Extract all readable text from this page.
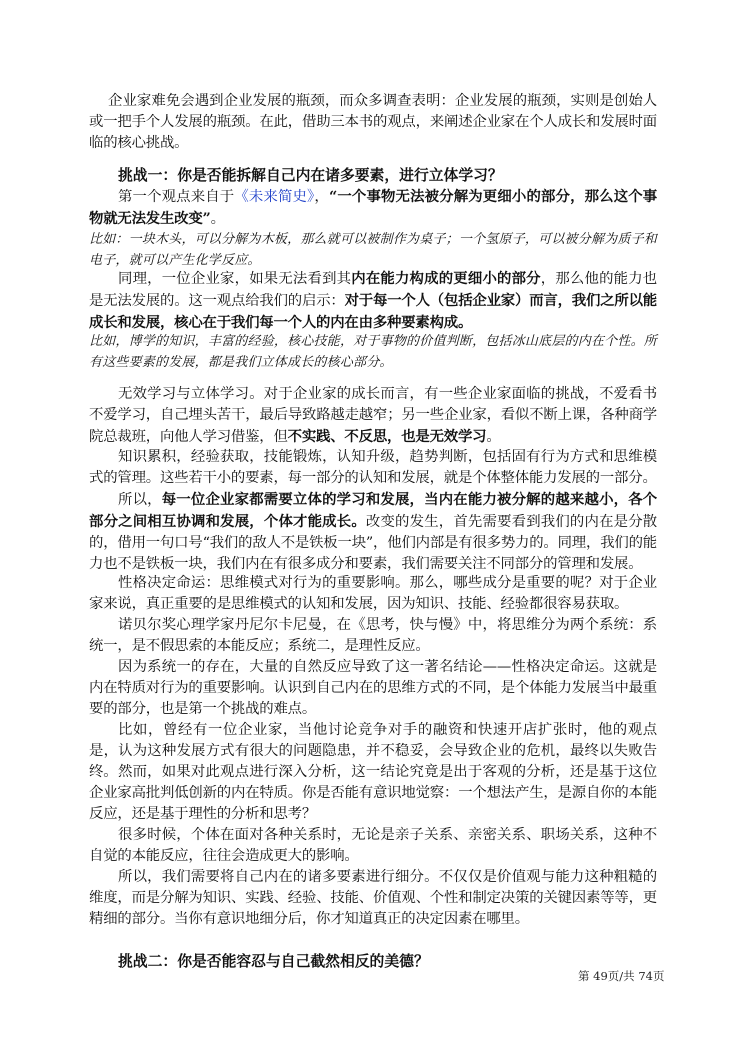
企业家难免会遇到企业发展的瓶颈，而众多调查表明：企业发展的瓶颈，实则是创始人或一把手个人发展的瓶颈。在此，借助三本书的观点，来阐述企业家在个人成长和发展时面临的核心挑战。

挑战一：你是否能拆解自己内在诸多要素，进行立体学习？

第一个观点来自于《未来简史》，“一个事物无法被分解为更细小的部分，那么这个事物就无法发生改变”。

比如：一块木头，可以分解为木板，那么就可以被制作为桌子；一个氢原子，可以被分解为质子和电子，就可以产生化学反应。

同理，一位企业家，如果无法看到其内在能力构成的更细小的部分，那么他的能力也是无法发展的。这一观点给我们的启示：对于每一个人（包括企业家）而言，我们之所以能成长和发展，核心在于我们每一个人的内在由多种要素构成。

比如，博学的知识，丰富的经验，核心技能，对于事物的价值判断，包括冰山底层的内在个性。所有这些要素的发展，都是我们立体成长的核心部分。

无效学习与立体学习。对于企业家的成长而言，有一些企业家面临的挑战，不爱看书不爱学习，自己埋头苦干，最后导致路越走越窄；另一些企业家，看似不断上课，各种商学院总裁班，向他人学习借鉴，但不实践、不反思，也是无效学习。

知识累积，经验获取，技能锻炼，认知升级，趋势判断，包括固有行为方式和思维模式的管理。这些若干小的要素，每一部分的认知和发展，就是个体整体能力发展的一部分。

所以，每一位企业家都需要立体的学习和发展，当内在能力被分解的越来越小，各个部分之间相互协调和发展，个体才能成长。改变的发生，首先需要看到我们的内在是分散的，借用一句口号“我们的敌人不是铁板一块”，他们内部是有很多势力的。同理，我们的能力也不是铁板一块，我们内在有很多成分和要素，我们需要关注不同部分的管理和发展。

性格决定命运：思维模式对行为的重要影响。那么，哪些成分是重要的呢？对于企业家来说，真正重要的是思维模式的认知和发展，因为知识、技能、经验都很容易获取。

诺贝尔奖心理学家丹尼尔卡尼曼，在《思考，快与慢》中，将思维分为两个系统：系统一，是不假思索的本能反应；系统二，是理性反应。

因为系统一的存在，大量的自然反应导致了这一著名结论——性格决定命运。这就是内在特质对行为的重要影响。认识到自己内在的思维方式的不同，是个体能力发展当中最重要的部分，也是第一个挑战的难点。

比如，曾经有一位企业家，当他讨论竞争对手的融资和快速开店扩张时，他的观点是，认为这种发展方式有很大的问题隐患，并不稳妥，会导致企业的危机，最终以失败告终。 然而，如果对此观点进行深入分析，这一结论究竟是出于客观的分析，还是基于这位企业家高批判低创新的内在特质。你是否能有意识地觉察：一个想法产生，是源自你的本能反应，还是基于理性的分析和思考？

很多时候，个体在面对各种关系时，无论是亲子关系、亲密关系、职场关系，这种不自觉的本能反应，往往会造成更大的影响。

所以，我们需要将自己内在的诸多要素进行细分。不仅仅是价值观与能力这种粗糙的维度，而是分解为知识、实践、经验、技能、价值观、个性和制定决策的关键因素等等，更精细的部分。当你有意识地细分后，你才知道真正的决定因素在哪里。

挑战二：你是否能容忍与自己截然相反的美德？
第 49页/共 74页
